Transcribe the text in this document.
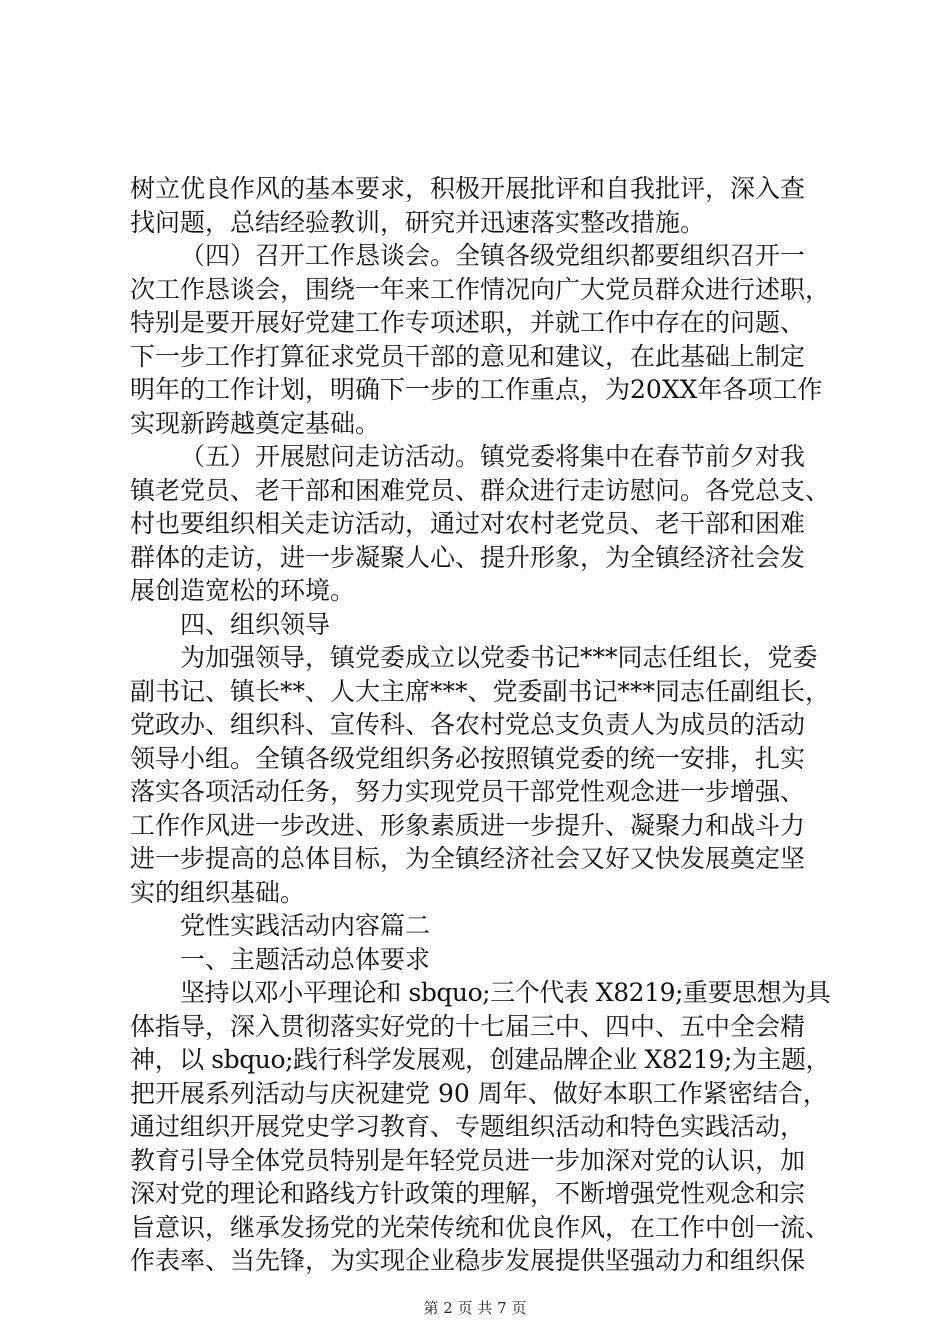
树立优良作风的基本要求，积极开展批评和自我批评，深入查
找问题，总结经验教训，研究并迅速落实整改措施。
（四）召开工作恳谈会。全镇各级党组织都要组织召开一
次工作恳谈会，围绕一年来工作情况向广大党员群众进行述职，
特别是要开展好党建工作专项述职，并就工作中存在的问题、
下一步工作打算征求党员干部的意见和建议，在此基础上制定
明年的工作计划，明确下一步的工作重点，为20XX年各项工作
实现新跨越奠定基础。
（五）开展慰问走访活动。镇党委将集中在春节前夕对我
镇老党员、老干部和困难党员、群众进行走访慰问。各党总支、
村也要组织相关走访活动，通过对农村老党员、老干部和困难
群体的走访，进一步凝聚人心、提升形象，为全镇经济社会发
展创造宽松的环境。
四、组织领导
为加强领导，镇党委成立以党委书记***同志任组长，党委
副书记、镇长**、人大主席***、党委副书记***同志任副组长，
党政办、组织科、宣传科、各农村党总支负责人为成员的活动
领导小组。全镇各级党组织务必按照镇党委的统一安排，扎实
落实各项活动任务，努力实现党员干部党性观念进一步增强、
工作作风进一步改进、形象素质进一步提升、凝聚力和战斗力
进一步提高的总体目标，为全镇经济社会又好又快发展奠定坚
实的组织基础。
党性实践活动内容篇二
一、主题活动总体要求
坚持以邓小平理论和 sbquo;三个代表 X8219;重要思想为具
体指导，深入贯彻落实好党的十七届三中、四中、五中全会精
神，以 sbquo;践行科学发展观，创建品牌企业 X8219;为主题，
把开展系列活动与庆祝建党 90 周年、做好本职工作紧密结合，
通过组织开展党史学习教育、专题组织活动和特色实践活动，
教育引导全体党员特别是年轻党员进一步加深对党的认识，加
深对党的理论和路线方针政策的理解，不断增强党性观念和宗
旨意识，继承发扬党的光荣传统和优良作风，在工作中创一流、
作表率、当先锋，为实现企业稳步发展提供坚强动力和组织保
第 2 页 共 7 页
